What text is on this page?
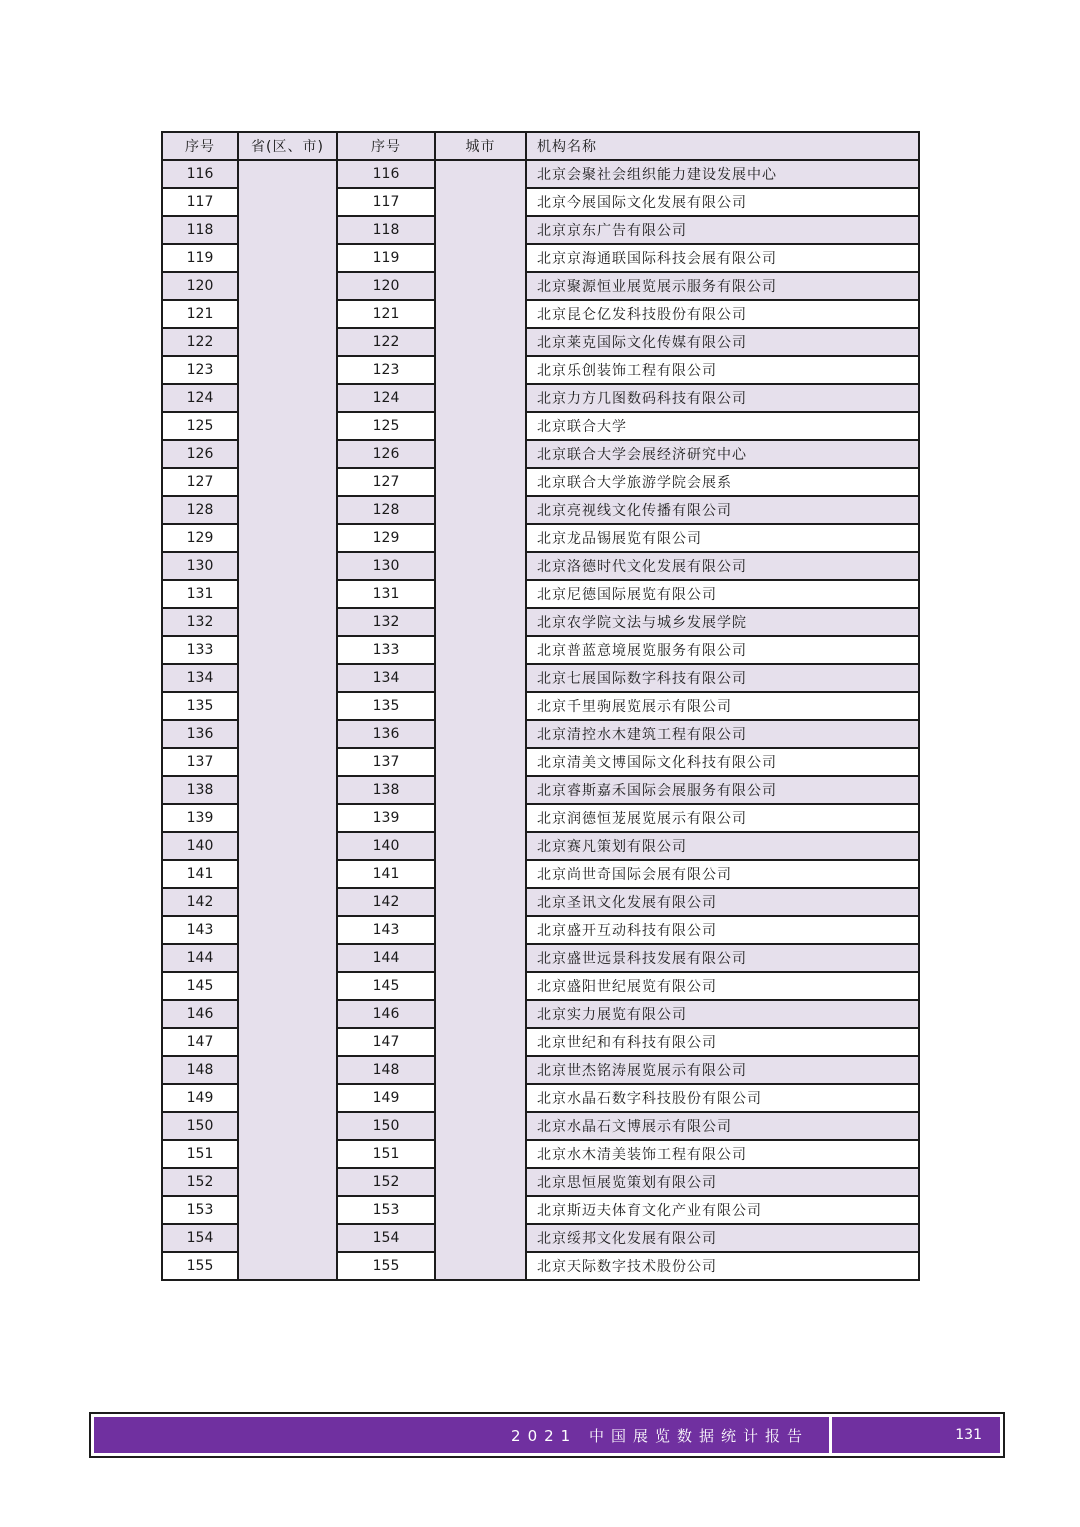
序号	省(区、市)	序号	城市	机构名称
116		116		北京会聚社会组织能力建设发展中心
117		117		北京今展国际文化发展有限公司
118		118		北京京东广告有限公司
119		119		北京京海通联国际科技会展有限公司
120		120		北京聚源恒业展览展示服务有限公司
121		121		北京昆仑亿发科技股份有限公司
122		122		北京莱克国际文化传媒有限公司
123		123		北京乐创装饰工程有限公司
124		124		北京力方几图数码科技有限公司
125		125		北京联合大学
126		126		北京联合大学会展经济研究中心
127		127		北京联合大学旅游学院会展系
128		128		北京亮视线文化传播有限公司
129		129		北京龙品锡展览有限公司
130		130		北京洛德时代文化发展有限公司
131		131		北京尼德国际展览有限公司
132		132		北京农学院文法与城乡发展学院
133		133		北京普蓝意境展览服务有限公司
134		134		北京七展国际数字科技有限公司
135		135		北京千里驹展览展示有限公司
136		136		北京清控水木建筑工程有限公司
137		137		北京清美文博国际文化科技有限公司
138		138		北京睿斯嘉禾国际会展服务有限公司
139		139		北京润德恒茏展览展示有限公司
140		140		北京赛凡策划有限公司
141		141		北京尚世奇国际会展有限公司
142		142		北京圣讯文化发展有限公司
143		143		北京盛开互动科技有限公司
144		144		北京盛世远景科技发展有限公司
145		145		北京盛阳世纪展览有限公司
146		146		北京实力展览有限公司
147		147		北京世纪和有科技有限公司
148		148		北京世杰铭涛展览展示有限公司
149		149		北京水晶石数字科技股份有限公司
150		150		北京水晶石文博展示有限公司
151		151		北京水木清美装饰工程有限公司
152		152		北京思恒展览策划有限公司
153		153		北京斯迈夫体育文化产业有限公司
154		154		北京绥邦文化发展有限公司
155		155		北京天际数字技术股份公司
2021 中国展览数据统计报告	131
